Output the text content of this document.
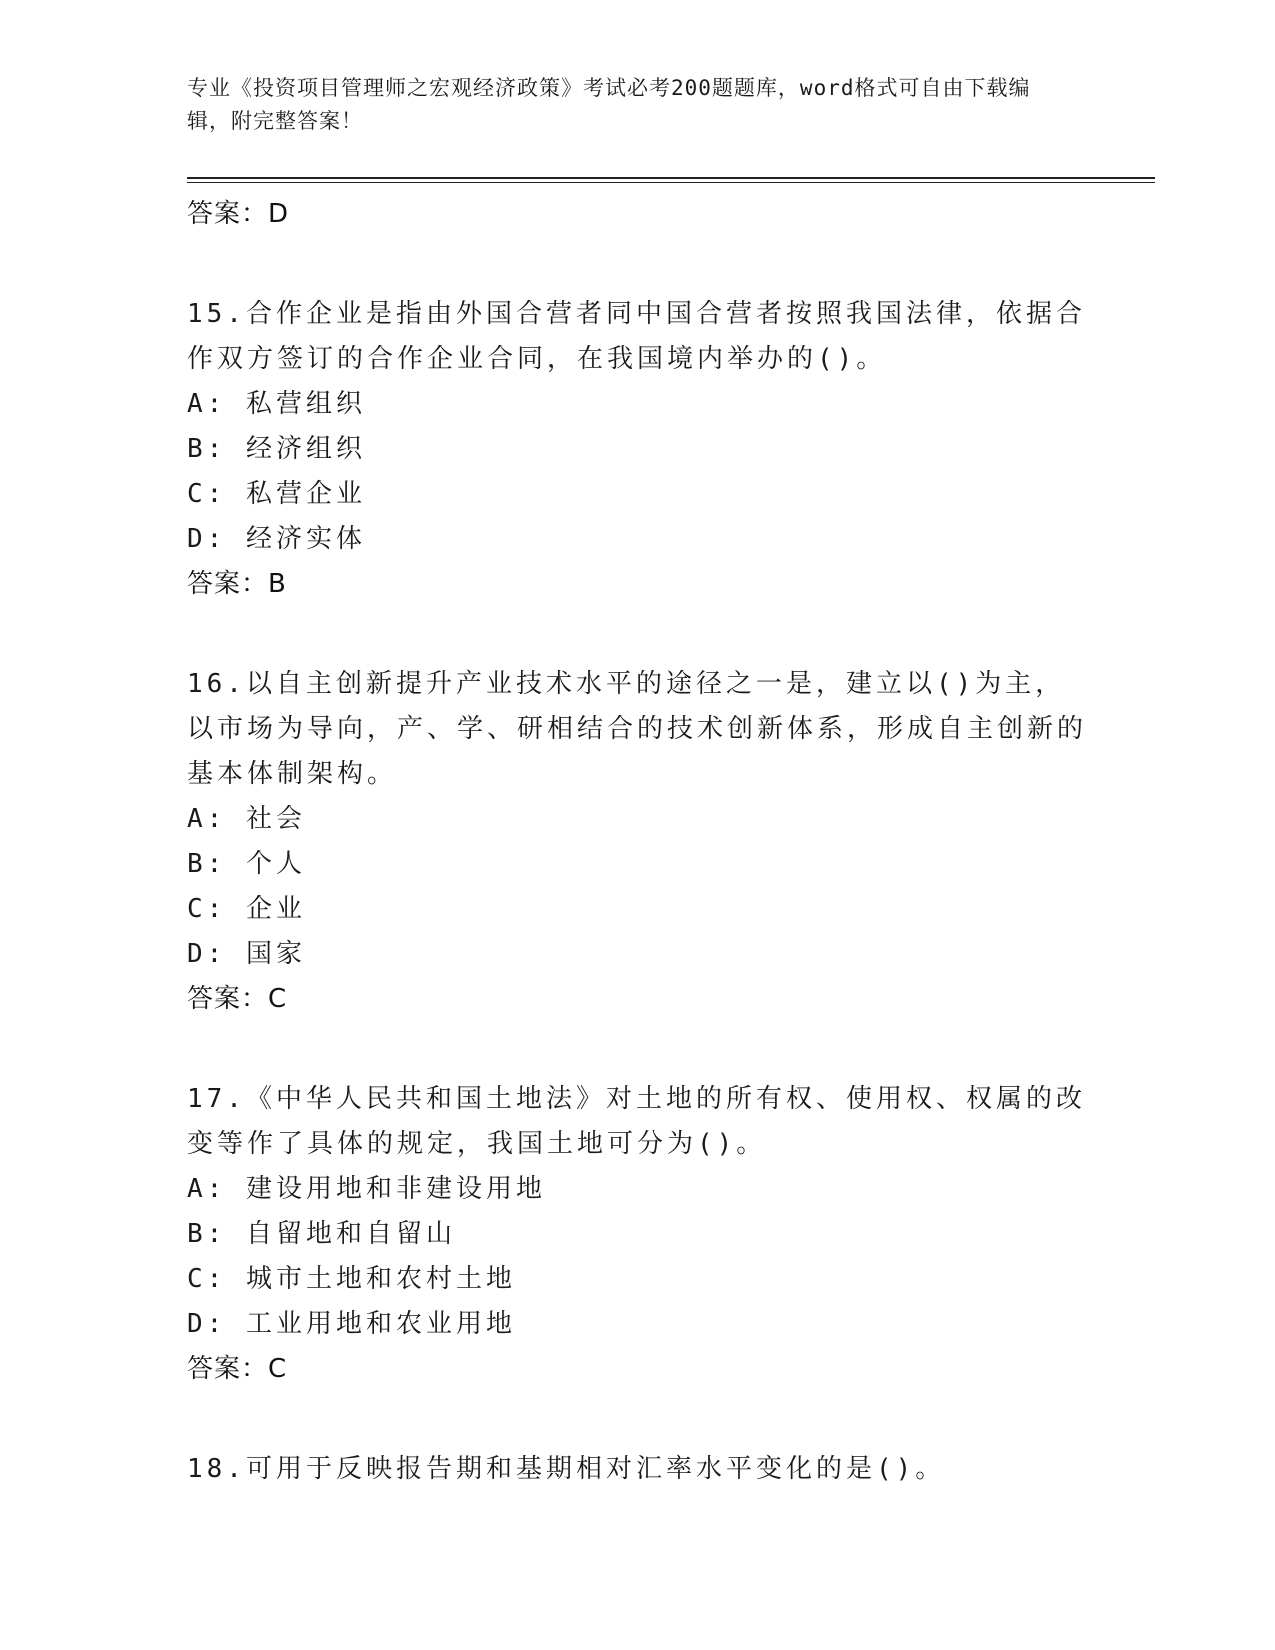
专业《投资项目管理师之宏观经济政策》考试必考200题题库，word格式可自由下载编辑，附完整答案！
答案：D
15.合作企业是指由外国合营者同中国合营者按照我国法律，依据合作双方签订的合作企业合同，在我国境内举办的()。
A: 私营组织
B: 经济组织
C: 私营企业
D: 经济实体
答案：B
16.以自主创新提升产业技术水平的途径之一是，建立以()为主，以市场为导向，产、学、研相结合的技术创新体系，形成自主创新的基本体制架构。
A: 社会
B: 个人
C: 企业
D: 国家
答案：C
17.《中华人民共和国土地法》对土地的所有权、使用权、权属的改变等作了具体的规定，我国土地可分为()。
A: 建设用地和非建设用地
B: 自留地和自留山
C: 城市土地和农村土地
D: 工业用地和农业用地
答案：C
18.可用于反映报告期和基期相对汇率水平变化的是()。
